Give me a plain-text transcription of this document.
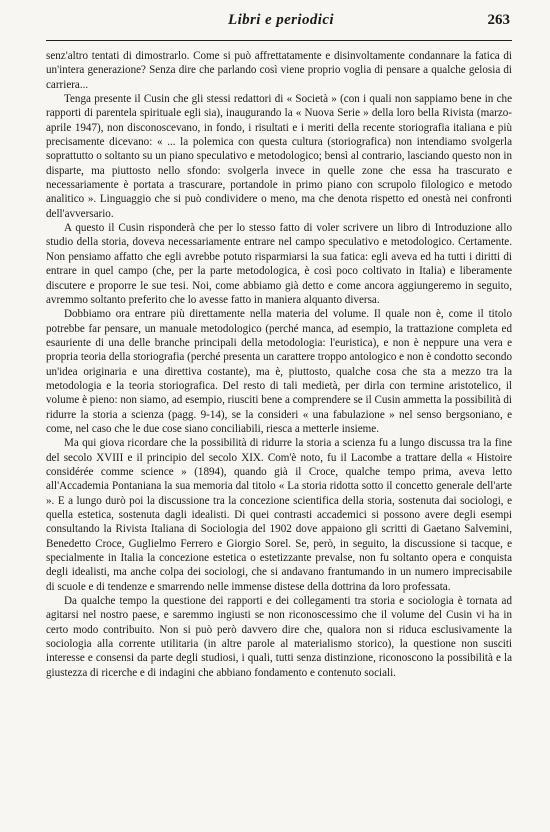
Libri e periodici	263

senz'altro tentati di dimostrarlo. Come si può affrettatamente e disinvoltamente condannare la fatica di un'intera generazione? Senza dire che parlando così viene proprio voglia di pensare a qualche gelosia di carriera...

Tenga presente il Cusin che gli stessi redattori di « Società » (con i quali non sappiamo bene in che rapporti di parentela spirituale egli sia), inaugurando la « Nuova Serie » della loro bella Rivista (marzo-aprile 1947), non disconoscevano, in fondo, i risultati e i meriti della recente storiografia italiana e più precisamente dicevano: « ... la polemica con questa cultura (storiografica) non intendiamo svolgerla soprattutto o soltanto su un piano speculativo e metodologico; bensì al contrario, lasciando questo non in disparte, ma piuttosto nello sfondo: svolgerla invece in quelle zone che essa ha trascurato e necessariamente è portata a trascurare, portandole in primo piano con scrupolo filologico e metodo analitico ». Linguaggio che si può condividere o meno, ma che denota rispetto ed onestà nei confronti dell'avversario.

A questo il Cusin risponderà che per lo stesso fatto di voler scrivere un libro di Introduzione allo studio della storia, doveva necessariamente entrare nel campo speculativo e metodologico. Certamente. Non pensiamo affatto che egli avrebbe potuto risparmiarsi la sua fatica: egli aveva ed ha tutti i diritti di entrare in quel campo (che, per la parte metodologica, è così poco coltivato in Italia) e liberamente discutere e proporre le sue tesi. Noi, come abbiamo già detto e come ancora aggiungeremo in seguito, avremmo soltanto preferito che lo avesse fatto in maniera alquanto diversa.

Dobbiamo ora entrare più direttamente nella materia del volume. Il quale non è, come il titolo potrebbe far pensare, un manuale metodologico (perché manca, ad esempio, la trattazione completa ed esauriente di una delle branche principali della metodologia: l'euristica), e non è neppure una vera e propria teoria della storiografia (perché presenta un carattere troppo antologico e non è condotto secondo un'idea originaria e una direttiva costante), ma è, piuttosto, qualche cosa che sta a mezzo tra la metodologia e la teoria storiografica. Del resto di tali medietà, per dirla con termine aristotelico, il volume è pieno: non siamo, ad esempio, riusciti bene a comprendere se il Cusin ammetta la possibilità di ridurre la storia a scienza (pagg. 9-14), se la consideri « una fabulazione » nel senso bergsoniano, e come, nel caso che le due cose siano conciliabili, riesca a metterle insieme.

Ma qui giova ricordare che la possibilità di ridurre la storia a scienza fu a lungo discussa tra la fine del secolo XVIII e il principio del secolo XIX. Com'è noto, fu il Lacombe a trattare della « Histoire considérée comme science » (1894), quando già il Croce, qualche tempo prima, aveva letto all'Accademia Pontaniana la sua memoria dal titolo « La storia ridotta sotto il concetto generale dell'arte ». E a lungo durò poi la discussione tra la concezione scientifica della storia, sostenuta dai sociologi, e quella estetica, sostenuta dagli idealisti. Di quei contrasti accademici si possono avere degli esempi consultando la Rivista Italiana di Sociologia del 1902 dove appaiono gli scritti di Gaetano Salvemini, Benedetto Croce, Guglielmo Ferrero e Giorgio Sorel. Se, però, in seguito, la discussione si tacque, e specialmente in Italia la concezione estetica o estetizzante prevalse, non fu soltanto opera e conquista degli idealisti, ma anche colpa dei sociologi, che si andavano frantumando in un numero imprecisabile di scuole e di tendenze e smarrendo nelle immense distese della dottrina da loro professata.

Da qualche tempo la questione dei rapporti e dei collegamenti tra storia e sociologia è tornata ad agitarsi nel nostro paese, e saremmo ingiusti se non riconoscessimo che il volume del Cusin vi ha in certo modo contribuito. Non si può però davvero dire che, qualora non si riduca esclusivamente la sociologia alla corrente utilitaria (in altre parole al materialismo storico), la questione non susciti interesse e consensi da parte degli studiosi, i quali, tutti senza distinzione, riconoscono la possibilità e la giustezza di ricerche e di indagini che abbiano fondamento e contenuto sociali.
